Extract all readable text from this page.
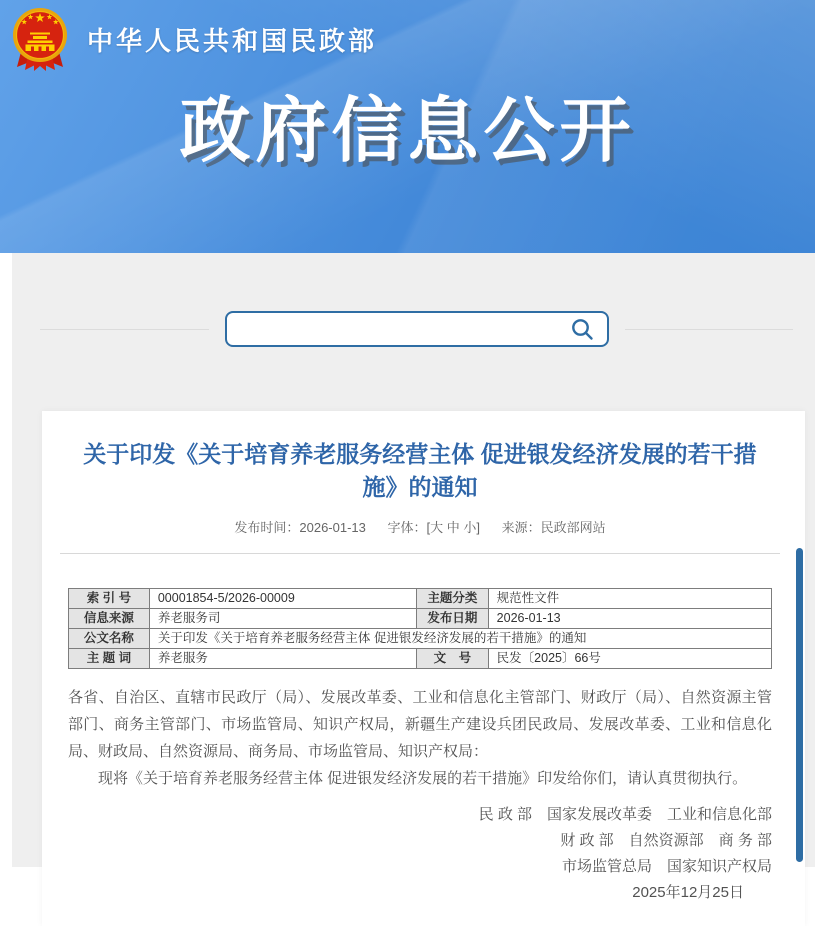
中华人民共和国民政部
政府信息公开
关于印发《关于培育养老服务经营主体 促进银发经济发展的若干措施》的通知
发布时间：2026-01-13 字体：[大 中 小] 来源：民政部网站
索 引 号	00001854-5/2026-00009	主题分类	规范性文件
信息来源	养老服务司	发布日期	2026-01-13
公文名称	关于印发《关于培育养老服务经营主体 促进银发经济发展的若干措施》的通知		
主 题 词	养老服务	文　号	民发〔2025〕66号

各省、自治区、直辖市民政厅（局）、发展改革委、工业和信息化主管部门、财政厅（局）、自然资源主管部门、商务主管部门、市场监管局、知识产权局，新疆生产建设兵团民政局、发展改革委、工业和信息化局、财政局、自然资源局、商务局、市场监管局、知识产权局：

现将《关于培育养老服务经营主体 促进银发经济发展的若干措施》印发给你们，请认真贯彻执行。

民 政 部　国家发展改革委　工业和信息化部
财 政 部　自然资源部　商 务 部
市场监管总局　国家知识产权局
2025年12月25日
